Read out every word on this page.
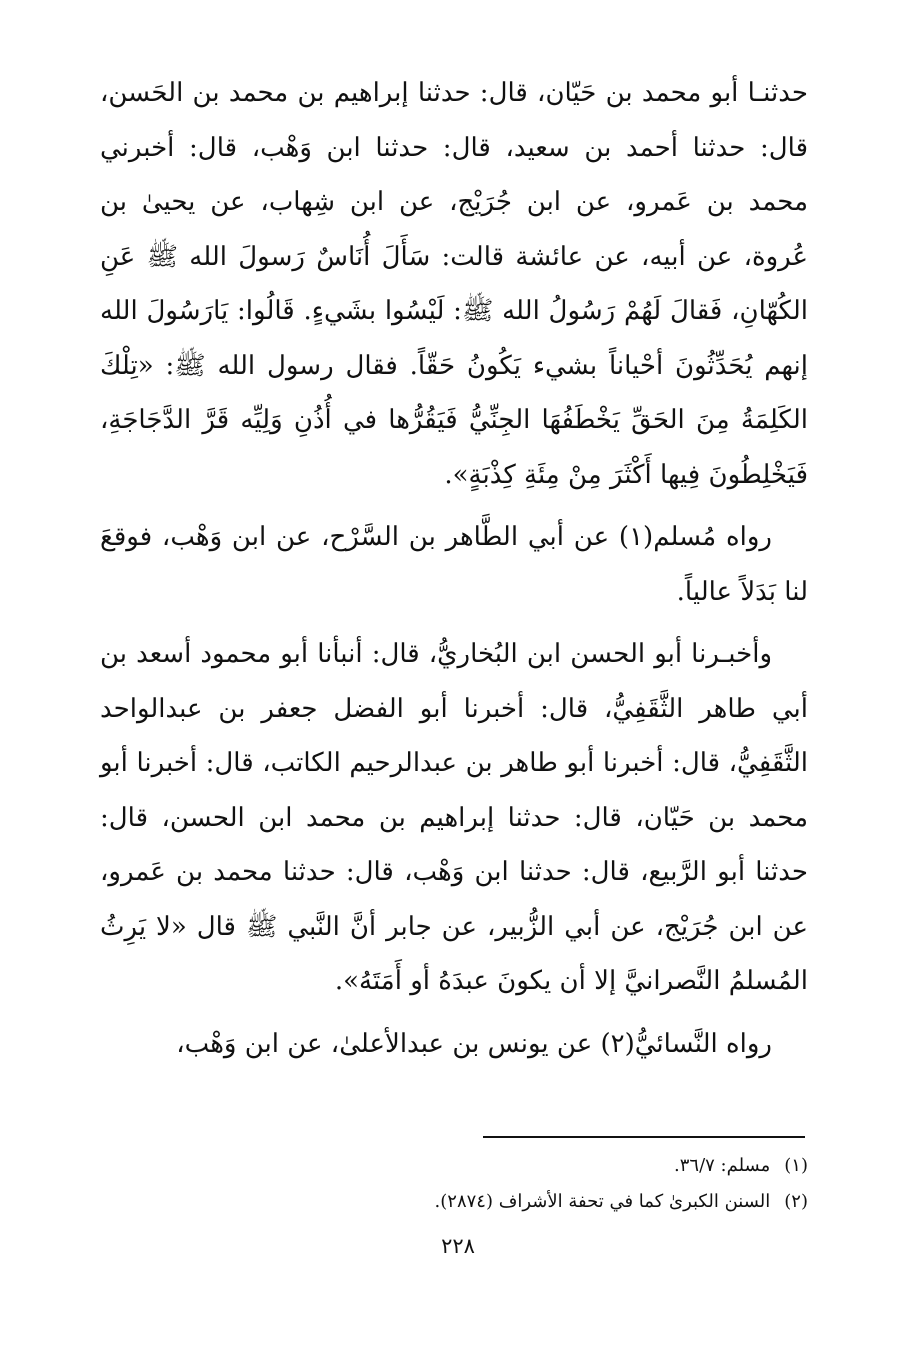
حدثنـا أبو محمد بن حَيّان، قال: حدثنا إبراهيم بن محمد بن الحَسن، قال: حدثنا أحمد بن سعيد، قال: حدثنا ابن وَهْب، قال: أخبرني محمد بن عَمرو، عن ابن جُرَيْج، عن ابن شِهاب، عن يحيىٰ بن عُروة، عن أبيه، عن عائشة قالت: سَأَلَ أُنَاسٌ رَسولَ الله ﷺ عَنِ الكُهّانِ، فَقالَ لَهُمْ رَسُولُ الله ﷺ: لَيْسُوا بشَيءٍ. قَالُوا: يَارَسُولَ الله إنهم يُحَدِّثُونَ أحْياناً بشيء يَكُونُ حَقّاً. فقال رسول الله ﷺ: «تِلْكَ الكَلِمَةُ مِنَ الحَقِّ يَخْطَفُهَا الجِنِّيُّ فَيَقُرُّها في أُذُنِ وَلِيِّه قَرَّ الدَّجَاجَةِ، فَيَخْلِطُونَ فِيها أَكْثَرَ مِنْ مِئَةِ كِذْبَةٍ».

رواه مُسلم(١) عن أبي الطَّاهر بن السَّرْح، عن ابن وَهْب، فوقعَ لنا بَدَلاً عالياً.

وأخبـرنا أبو الحسن ابن البُخاريُّ، قال: أنبأنا أبو محمود أسعد بن أبي طاهر الثَّقَفِيُّ، قال: أخبرنا أبو الفضل جعفر بن عبدالواحد الثَّقَفِيُّ، قال: أخبرنا أبو طاهر بن عبدالرحيم الكاتب، قال: أخبرنا أبو محمد بن حَيّان، قال: حدثنا إبراهيم بن محمد ابن الحسن، قال: حدثنا أبو الرَّبيع، قال: حدثنا ابن وَهْب، قال: حدثنا محمد بن عَمرو، عن ابن جُرَيْج، عن أبي الزُّبير، عن جابر أنَّ النَّبي ﷺ قال «لا يَرِثُ المُسلمُ النَّصرانيَّ إلا أن يكونَ عبدَهُ أو أَمَتَهُ».

رواه النَّسائيُّ(٢) عن يونس بن عبدالأعلىٰ، عن ابن وَهْب،

(١)مسلم: ٣٦/٧.

(٢)السنن الكبرىٰ كما في تحفة الأشراف (٢٨٧٤).

٢٢٨
